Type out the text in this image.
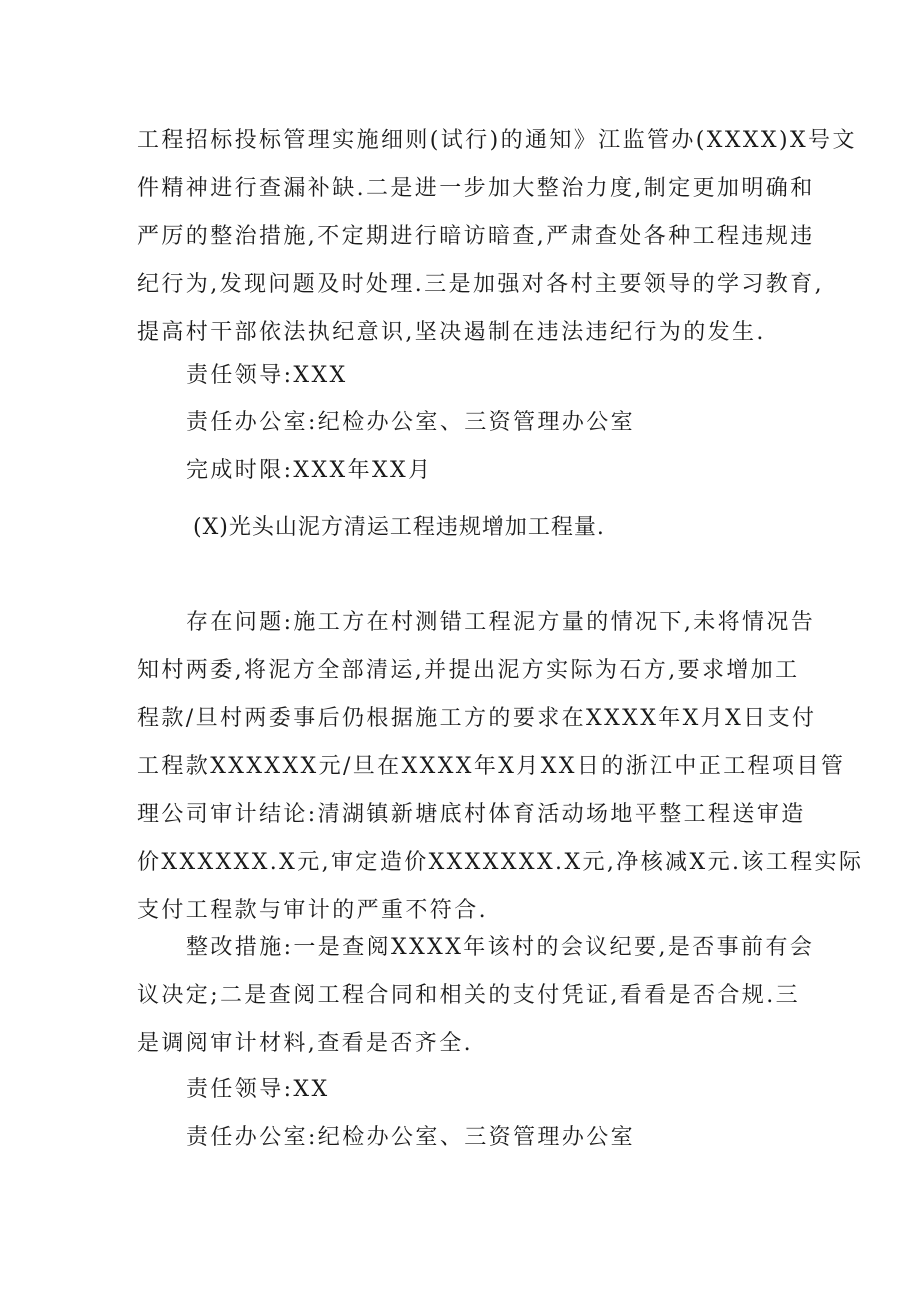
工程招标投标管理实施细则(试行)的通知》江监管办(XXXX)X号文
件精神进行查漏补缺.二是进一步加大整治力度,制定更加明确和
严厉的整治措施,不定期进行暗访暗查,严肃查处各种工程违规违
纪行为,发现问题及时处理.三是加强对各村主要领导的学习教育,
提高村干部依法执纪意识,坚决遏制在违法违纪行为的发生.

责任领导:XXX

责任办公室:纪检办公室、三资管理办公室

完成时限:XXX年XX月

(X)光头山泥方清运工程违规增加工程量.

存在问题:施工方在村测错工程泥方量的情况下,未将情况告
知村两委,将泥方全部清运,并提出泥方实际为石方,要求增加工
程款/旦村两委事后仍根据施工方的要求在XXXX年X月X日支付
工程款XXXXXX元/旦在XXXX年X月XX日的浙江中正工程项目管
理公司审计结论:清湖镇新塘底村体育活动场地平整工程送审造
价XXXXXX.X元,审定造价XXXXXXX.X元,净核减X元.该工程实际
支付工程款与审计的严重不符合.
整改措施:一是查阅XXXX年该村的会议纪要,是否事前有会
议决定;二是查阅工程合同和相关的支付凭证,看看是否合规.三
是调阅审计材料,查看是否齐全.

责任领导:XX

责任办公室:纪检办公室、三资管理办公室
